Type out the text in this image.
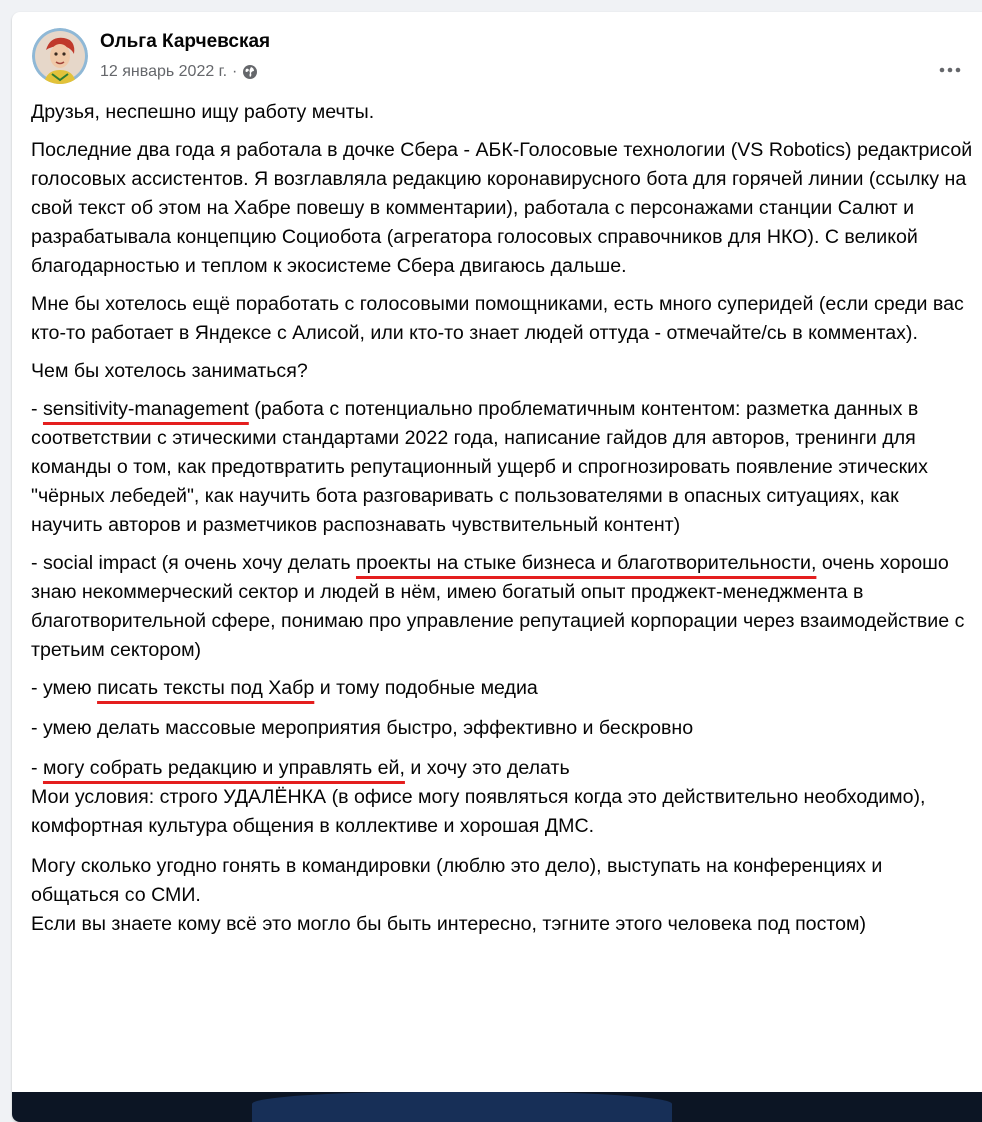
Ольга Карчевская
12 январь 2022 г. ·

Друзья, неспешно ищу работу мечты.

Последние два года я работала в дочке Сбера - АБК-Голосовые технологии (VS Robotics) редактрисой голосовых ассистентов. Я возглавляла редакцию коронавирусного бота для горячей линии (ссылку на свой текст об этом на Хабре повешу в комментарии), работала с персонажами станции Салют и разрабатывала концепцию Социобота (агрегатора голосовых справочников для НКО). С великой благодарностью и теплом к экосистеме Сбера двигаюсь дальше.

Мне бы хотелось ещё поработать с голосовыми помощниками, есть много суперидей (если среди вас кто-то работает в Яндексе с Алисой, или кто-то знает людей оттуда - отмечайте/сь в комментах).

Чем бы хотелось заниматься?

- sensitivity-management (работа с потенциально проблематичным контентом: разметка данных в соответствии с этическими стандартами 2022 года, написание гайдов для авторов, тренинги для команды о том, как предотвратить репутационный ущерб и спрогнозировать появление этических "чёрных лебедей", как научить бота разговаривать с пользователями в опасных ситуациях, как научить авторов и разметчиков распознавать чувствительный контент)

- social impact (я очень хочу делать проекты на стыке бизнеса и благотворительности, очень хорошо знаю некоммерческий сектор и людей в нём, имею богатый опыт проджект-менеджмента в благотворительной сфере, понимаю про управление репутацией корпорации через взаимодействие с третьим сектором)

- умею писать тексты под Хабр и тому подобные медиа

- умею делать массовые мероприятия быстро, эффективно и бескровно

- могу собрать редакцию и управлять ей, и хочу это делать

Мои условия: строго УДАЛЁНКА (в офисе могу появляться когда это действительно необходимо), комфортная культура общения в коллективе и хорошая ДМС.

Могу сколько угодно гонять в командировки (люблю это дело), выступать на конференциях и общаться со СМИ.

Если вы знаете кому всё это могло бы быть интересно, тэгните этого человека под постом)
